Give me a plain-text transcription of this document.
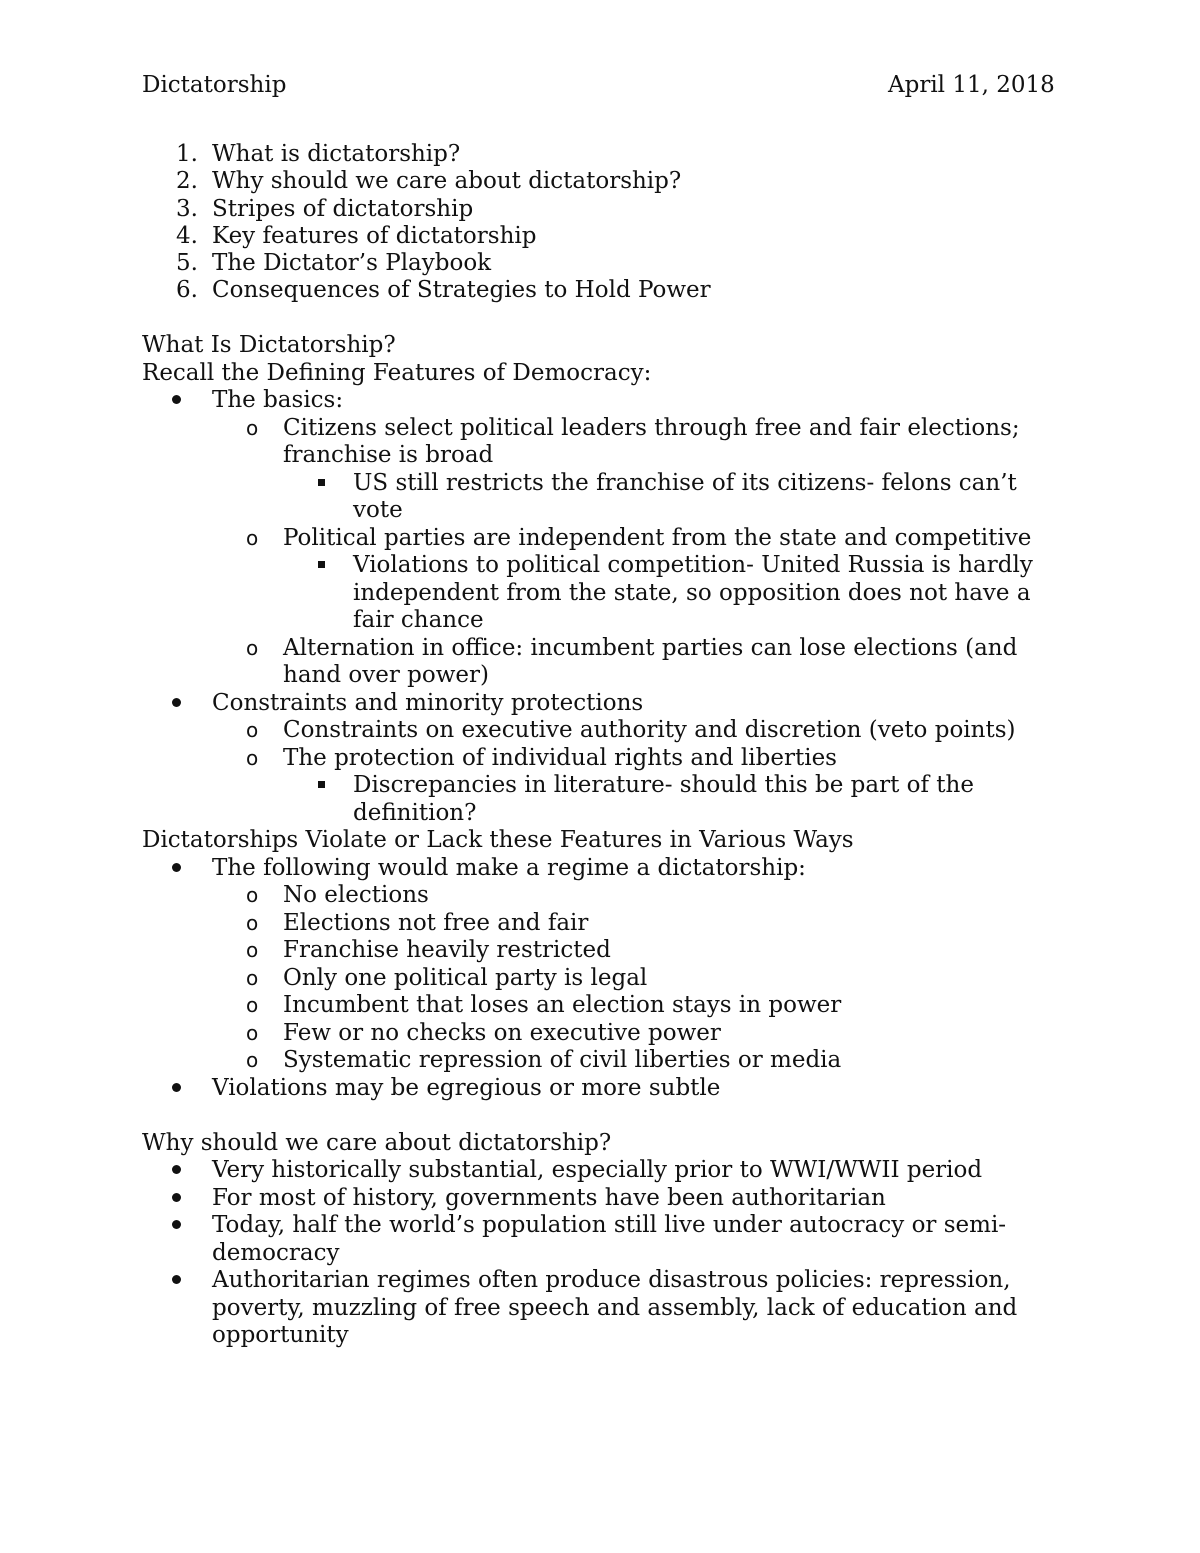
Dictatorship	April 11, 2018
1. What is dictatorship?
2. Why should we care about dictatorship?
3. Stripes of dictatorship
4. Key features of dictatorship
5. The Dictator’s Playbook
6. Consequences of Strategies to Hold Power
What Is Dictatorship?
Recall the Defining Features of Democracy:
The basics:
o	Citizens select political leaders through free and fair elections; franchise is broad
US still restricts the franchise of its citizens- felons can’t vote
o	Political parties are independent from the state and competitive
Violations to political competition- United Russia is hardly independent from the state, so opposition does not have a fair chance
o	Alternation in office: incumbent parties can lose elections (and hand over power)
Constraints and minority protections
o	Constraints on executive authority and discretion (veto points)
o	The protection of individual rights and liberties
Discrepancies in literature- should this be part of the definition?
Dictatorships Violate or Lack these Features in Various Ways
The following would make a regime a dictatorship:
o	No elections
o	Elections not free and fair
o	Franchise heavily restricted
o	Only one political party is legal
o	Incumbent that loses an election stays in power
o	Few or no checks on executive power
o	Systematic repression of civil liberties or media
Violations may be egregious or more subtle
Why should we care about dictatorship?
Very historically substantial, especially prior to WWI/WWII period
For most of history, governments have been authoritarian
Today, half the world’s population still live under autocracy or semi-democracy
Authoritarian regimes often produce disastrous policies: repression, poverty, muzzling of free speech and assembly, lack of education and opportunity
